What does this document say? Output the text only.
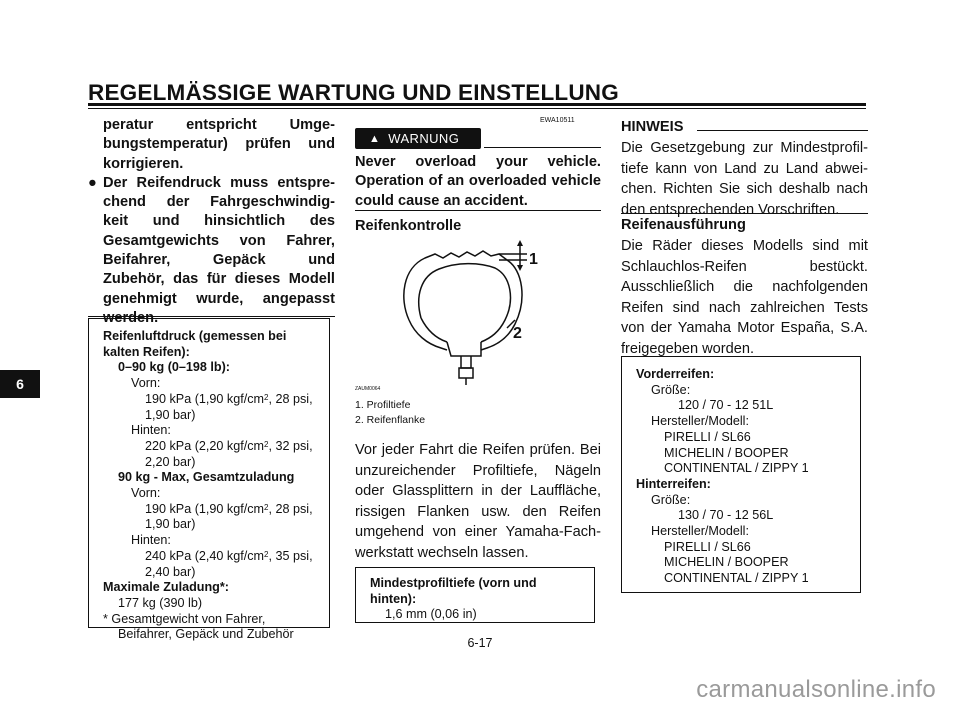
REGELMÄSSIGE WARTUNG UND EINSTELLUNG
6
peratur entspricht Umge-
bungstemperatur) prüfen und
korrigieren.
● Der Reifendruck muss entspre-
chend der Fahrgeschwindig-
keit und hinsichtlich des
Gesamtgewichts von Fahrer,
Beifahrer, Gepäck und
Zubehör, das für dieses Modell
genehmigt wurde, angepasst
werden.
Reifenluftdruck (gemessen bei
kalten Reifen):
0–90 kg (0–198 lb):
Vorn:
190 kPa (1,90 kgf/$cm^2$, 28 psi,
1,90 bar)
Hinten:
220 kPa (2,20 kgf/$cm^2$, 32 psi,
2,20 bar)
90 kg - Max, Gesamtzuladung
Vorn:
190 kPa (1,90 kgf/$cm^2$, 28 psi,
1,90 bar)
Hinten:
240 kPa (2,40 kgf/$cm^2$, 35 psi,
2,40 bar)
Maximale Zuladung*:
177 kg (390 lb)
* Gesamtgewicht von Fahrer,
Beifahrer, Gepäck und Zubehör
EWA10511
▲ WARNUNG
Never overload your vehicle. Operation of an overloaded vehicle could cause an accident.
Reifenkontrolle
1
2
ZAUM0064
1. Profiltiefe
2. Reifenflanke
Vor jeder Fahrt die Reifen prüfen. Bei unzureichender Profiltiefe, Nägeln oder Glassplittern in der Lauffläche, rissigen Flanken usw. den Reifen umgehend von einer Yamaha-Fach-werkstatt wechseln lassen.
Mindestprofiltiefe (vorn und
hinten):
1,6 mm (0,06 in)
HINWEIS
Die Gesetzgebung zur Mindestprofil-tiefe kann von Land zu Land abwei-chen. Richten Sie sich deshalb nach den entsprechenden Vorschriften.
Reifenausführung
Die Räder dieses Modells sind mit Schlauchlos-Reifen bestückt. Ausschließlich die nachfolgenden Reifen sind nach zahlreichen Tests von der Yamaha Motor España, S.A. freigegeben worden.
Vorderreifen:
Größe:
120 / 70 - 12 51L
Hersteller/Modell:
PIRELLI / SL66
MICHELIN / BOOPER
CONTINENTAL / ZIPPY 1
Hinterreifen:
Größe:
130 / 70 - 12 56L
Hersteller/Modell:
PIRELLI / SL66
MICHELIN / BOOPER
CONTINENTAL / ZIPPY 1
6-17
carmanualsonline.info
